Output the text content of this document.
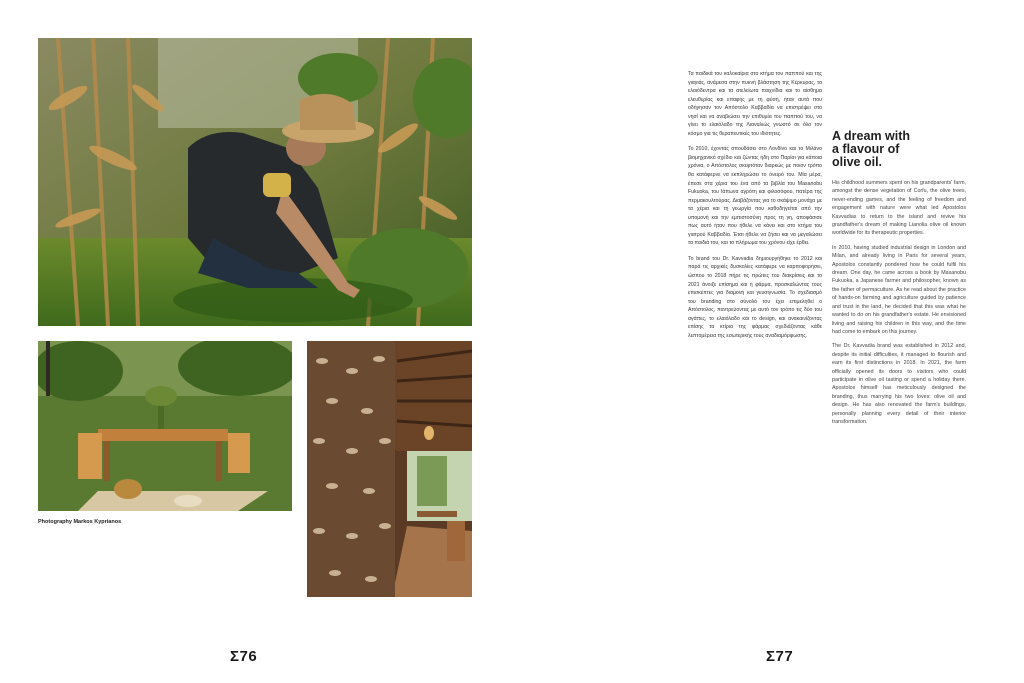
Photography Markos Kyprianos
Σ76

Τα παιδικά του καλοκαίρια στο κτήμα του παππού και της γιαγιάς, ανάμεσα στην πυκνή βλάστηση της Κέρκυρας, τα ελαιόδεντρα και τα ατελείωτα παιχνίδια και το αίσθημα ελευθερίας και επαφής με τη φύση, ήταν αυτά που οδήγησαν τον Απόστολο Καββαδία να επιστρέψει στο νησί και να αναβιώσει την επιθυμία του παππού του, να γίνει το ελαιόλαδο της Λιαναλιώς γνωστό σε όλο τον κόσμο για τις θεραπευτικές του ιδιότητες.

Το 2010, έχοντας σπουδάσει στο Λονδίνο και το Μιλάνο βιομηχανικό σχέδιο και ζώντας ήδη στο Παρίσι για κάποια χρόνια, ο Απόστολος σκεφτόταν διαρκώς με ποιον τρόπο θα κατάφερνε να εκπληρώσει το όνειρό του. Μία μέρα, έπεσε στα χέρια του ένα από τα βιβλία του Masanobu Fukuoka, του Ιάπωνα αγρότη και φιλοσόφου, πατέρα της περμακουλτούρας. Διαβάζοντας για το σκάψιμο μονάχα με τα χέρια και τη γεωργία που καθοδηγείται από την υπομονή και την εμπιστοσύνη προς τη γη, αποφάσισε πως αυτό ήταν που ήθελε να κάνει και στο κτήμα του γιατρού Καββαδία. Έτσι ήθελε να ζήσει και να μεγαλώσει τα παιδιά του, και το πλήρωμα του χρόνου είχε έρθει.

Το brand του Dr. Kavvadia δημιουργήθηκε το 2012 και παρά τις αρχικές δυσκολίες κατάφερε να καρποφορήσει, ώσπου το 2018 πήρε τις πρώτες του διακρίσεις και το 2021 άνοιξε επίσημα και η φάρμα, προσκαλώντας τους επισκέπτες για διαμονή και γευσιγνωσία. Το σχεδιασμό του branding στο σύνολό του έχει επιμεληθεί ο Απόστολος, παντρεύοντας με αυτό τον τρόπο τις δύο του αγάπες, το ελαιόλαδο και το design, και ανακαινίζοντας επίσης τα κτίρια της φάρμας σχεδιάζοντας κάθε λεπτομέρεια της εσωτερικής τους αναδιαμόρφωσης.

A dream with
a flavour of
olive oil.

His childhood summers spent on his grandparents' farm, amongst the dense vegetation of Corfu, the olive trees, never-ending games, and the feeling of freedom and engagement with nature were what led Apostolos Kavvadias to return to the island and revive his grandfather's dream of making Lianolia olive oil known worldwide for its therapeutic properties.

In 2010, having studied industrial design in London and Milan, and already living in Paris for several years, Apostolos constantly pondered how he could fulfil his dream. One day, he came across a book by Masanobu Fukuoka, a Japanese farmer and philosopher, known as the father of permaculture. As he read about the practice of hands-on farming and agriculture guided by patience and trust in the land, he decided that this was what he wanted to do on his grandfather's estate. He envisioned living and raising his children in this way, and the time had come to embark on this journey.

The Dr. Kavvadia brand was established in 2012 and, despite its initial difficulties, it managed to flourish and earn its first distinctions in 2018. In 2021, the farm officially opened its doors to visitors who could participate in olive oil tasting or spend a holiday there. Apostolos himself has meticulously designed the branding, thus marrying his two loves: olive oil and design. He has also renovated the farm's buildings, personally planning every detail of their interior transformation.

Σ77
